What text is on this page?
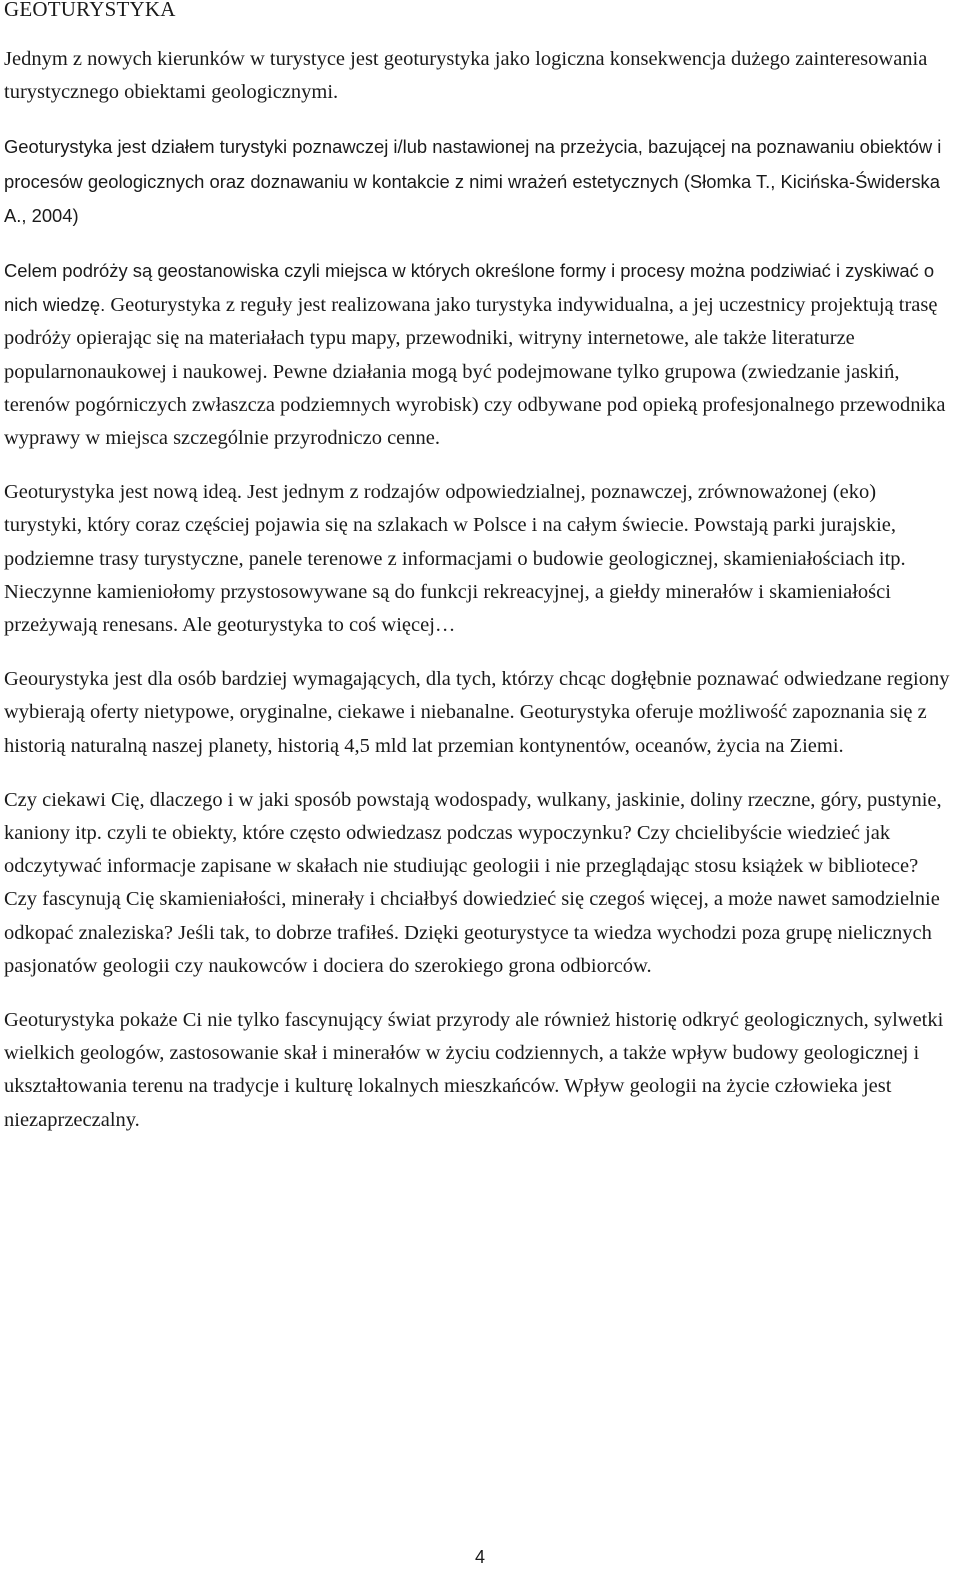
GEOTURYSTYKA

Jednym z nowych kierunków w turystyce jest geoturystyka jako logiczna konsekwencja dużego zainteresowania turystycznego obiektami geologicznymi.

Geoturystyka jest działem turystyki poznawczej i/lub nastawionej na przeżycia, bazującej na poznawaniu obiektów i procesów geologicznych oraz doznawaniu w kontakcie z nimi wrażeń estetycznych (Słomka T., Kicińska-Świderska A., 2004)

Celem podróży są geostanowiska czyli miejsca w których określone formy i procesy można podziwiać i zyskiwać o nich wiedzę. Geoturystyka z reguły jest realizowana jako turystyka indywidualna, a jej uczestnicy projektują trasę podróży opierając się na materiałach typu mapy, przewodniki, witryny internetowe, ale także literaturze popularnonaukowej i naukowej. Pewne działania mogą być podejmowane tylko grupowa (zwiedzanie jaskiń, terenów pogórniczych zwłaszcza podziemnych wyrobisk) czy odbywane pod opieką profesjonalnego przewodnika wyprawy w miejsca szczególnie przyrodniczo cenne.

Geoturystyka jest nową ideą. Jest jednym z rodzajów odpowiedzialnej, poznawczej, zrównoważonej (eko) turystyki, który coraz częściej pojawia się na szlakach w Polsce i na całym świecie. Powstają parki jurajskie, podziemne trasy turystyczne, panele terenowe z informacjami o budowie geologicznej, skamieniałościach itp. Nieczynne kamieniołomy przystosowywane są do funkcji rekreacyjnej, a giełdy minerałów i skamieniałości przeżywają renesans. Ale geoturystyka to coś więcej…

Geourystyka jest dla osób bardziej wymagających, dla tych, którzy chcąc dogłębnie poznawać odwiedzane regiony wybierają oferty nietypowe, oryginalne, ciekawe i niebanalne. Geoturystyka oferuje możliwość zapoznania się z historią naturalną naszej planety, historią 4,5 mld lat przemian kontynentów, oceanów, życia na Ziemi.

Czy ciekawi Cię, dlaczego i w jaki sposób powstają wodospady, wulkany, jaskinie, doliny rzeczne, góry, pustynie, kaniony itp. czyli te obiekty, które często odwiedzasz podczas wypoczynku? Czy chcielibyście wiedzieć jak odczytywać informacje zapisane w skałach nie studiując geologii i nie przeglądając stosu książek w bibliotece? Czy fascynują Cię skamieniałości, minerały i chciałbyś dowiedzieć się czegoś więcej, a może nawet samodzielnie odkopać znaleziska? Jeśli tak, to dobrze trafiłeś. Dzięki geoturystyce ta wiedza wychodzi poza grupę nielicznych pasjonatów geologii czy naukowców i dociera do szerokiego grona odbiorców.

Geoturystyka pokaże Ci nie tylko fascynujący świat przyrody ale również historię odkryć geologicznych, sylwetki wielkich geologów, zastosowanie skał i minerałów w życiu codziennych, a także wpływ budowy geologicznej i ukształtowania terenu na tradycje i kulturę lokalnych mieszkańców. Wpływ geologii na życie człowieka jest niezaprzeczalny.

4
